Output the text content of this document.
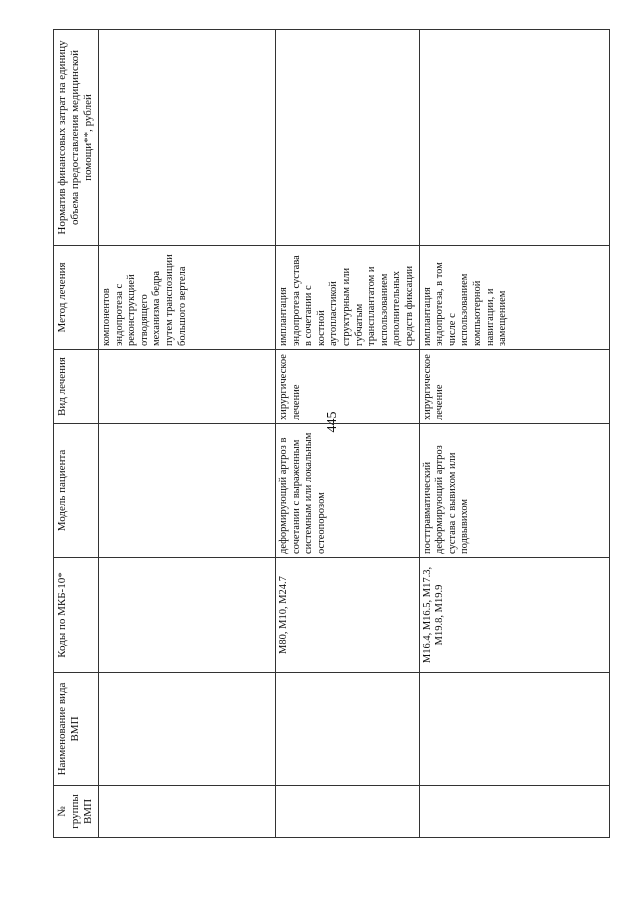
445
№ группы ВМП	Наименование вида ВМП	Коды по МКБ-10*	Модель пациента	Вид лечения	Метод лечения	Норматив финансовых затрат на единицу объема предоставления медицинской помощи**, рублей
					компонентов эндопротеза с реконструкцией отводящего механизма бедра путем транспозиции большого вертела	
		M80, M10, M24.7	деформирующий артроз в сочетании с выраженным системным или локальным остеопорозом	хирургическое лечение	имплантация эндопротеза сустава в сочетании с костной аутопластикой структурным или губчатым трансплантатом и использованием дополнительных средств фиксации	
		M16.4, M16.5, M17.3, M19.8, M19.9	посттравматический деформирующий артроз сустава с вывихом или подвывихом	хирургическое лечение	имплантация эндопротеза, в том числе с использованием компьютерной навигации, и замещением	
